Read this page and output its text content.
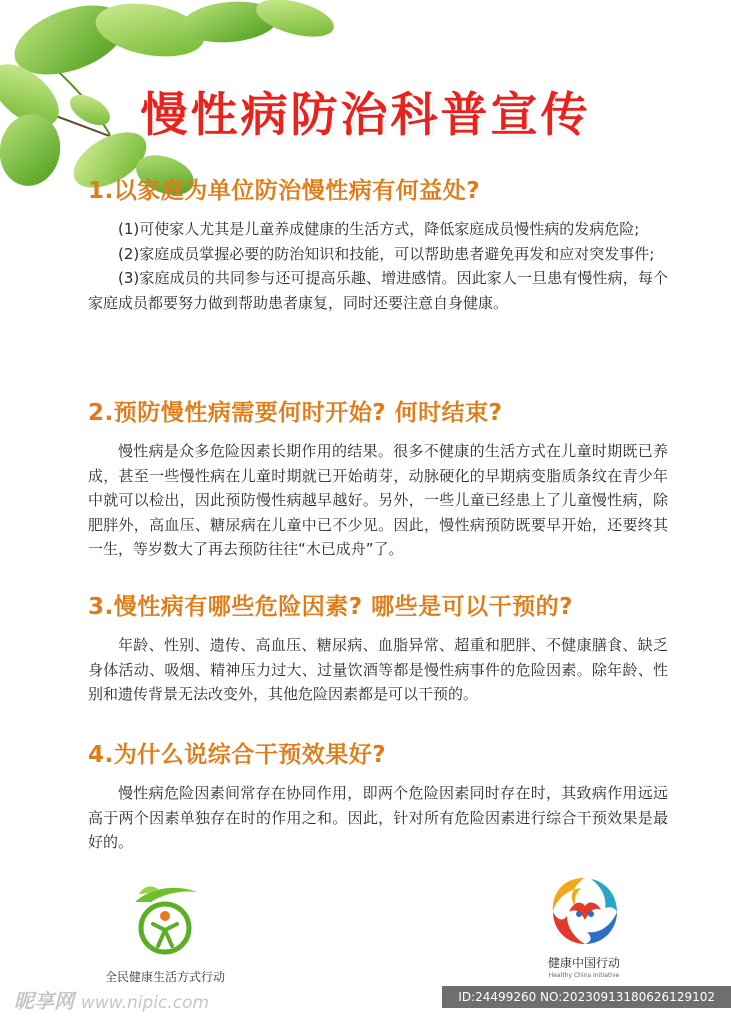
慢性病防治科普宣传
1.以家庭为单位防治慢性病有何益处?

(1)可使家人尤其是儿童养成健康的生活方式，降低家庭成员慢性病的发病危险;

(2)家庭成员掌握必要的防治知识和技能，可以帮助患者避免再发和应对突发事件;

(3)家庭成员的共同参与还可提高乐趣、增进感情。因此家人一旦患有慢性病，每个家庭成员都要努力做到帮助患者康复，同时还要注意自身健康。

2.预防慢性病需要何时开始? 何时结束?

慢性病是众多危险因素长期作用的结果。很多不健康的生活方式在儿童时期既已养成，甚至一些慢性病在儿童时期就已开始萌芽，动脉硬化的早期病变脂质条纹在青少年中就可以检出，因此预防慢性病越早越好。另外，一些儿童已经患上了儿童慢性病，除肥胖外，高血压、糖尿病在儿童中已不少见。因此，慢性病预防既要早开始，还要终其一生，等岁数大了再去预防往往“木已成舟”了。

3.慢性病有哪些危险因素? 哪些是可以干预的?

年龄、性别、遗传、高血压、糖尿病、血脂异常、超重和肥胖、不健康膳食、缺乏身体活动、吸烟、精神压力过大、过量饮酒等都是慢性病事件的危险因素。除年龄、性别和遗传背景无法改变外，其他危险因素都是可以干预的。

4.为什么说综合干预效果好?

慢性病危险因素间常存在协同作用，即两个危险因素同时存在时，其致病作用远远高于两个因素单独存在时的作用之和。因此，针对所有危险因素进行综合干预效果是最好的。

全民健康生活方式行动
健康中国行动
Healthy China Initiative
昵享网 www.nipic.com	ID:24499260 NO:20230913180626129102
